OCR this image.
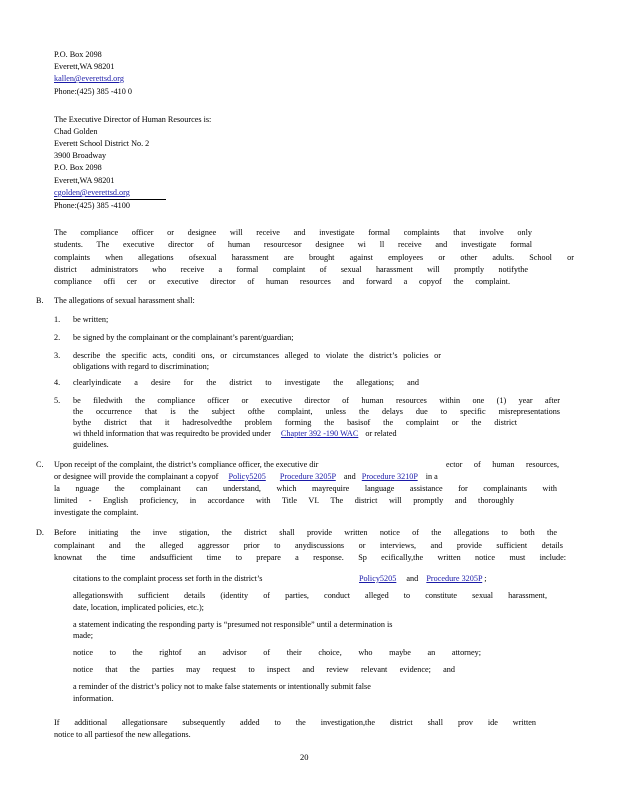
P.O. Box 2098
Everett,WA 98201
kallen@everettsd.org
Phone:(425) 385 -410 0
The Executive Director of Human Resources is:
Chad Golden
Everett School District No. 2
3900 Broadway
P.O. Box 2098
Everett,WA 98201
cgolden@everettsd.org
Phone:(425) 385 -4100
The compliance officer or designee will receive and investigate formal complaints that involve only
students. The executive director of human resourcesor designee wi ll receive and investigate formal
complaints when allegations ofsexual harassment are brought against employees or other adults. School or
district administrators who receive a formal complaint of sexual harassment will promptly notifythe
compliance offi cer or executive director of human resources and forward a copyof the complaint.
B. The allegations of sexual harassment shall:
1. be written;
2. be signed by the complainant or the complainant’s parent/guardian;
3. describe the specific acts, conditi ons, or circumstances alleged to violate the district’s policies or
obligations with regard to discrimination;
4. clearlyindicate a desire for the district to investigate the allegations; and
5. be filedwith the compliance officer or executive director of human resources within one (1) year after
the occurrence that is the subject ofthe complaint, unless the delays due to specific misrepresentations
bythe district that it hadresolvedthe problem forming the basisof the complaint or the district
wi thheld information that was requiredto be provided under Chapter 392 -190 WAC or related
guidelines.
C. Upon receipt of the complaint, the district’s compliance officer, the executive dir	ector of human resources,
or designee will provide the complainant a copyof Policy5205 Procedure 3205P and Procedure 3210P in a
la nguage the complainant can understand, which mayrequire language assistance for complainants with
limited - English proficiency, in accordance with Title VI. The district will promptly and thoroughly
investigate the complaint.
D. Before initiating the inve stigation, the district shall provide written notice of the allegations to both the
complainant and the alleged aggressor prior to anydiscussions or interviews, and provide sufficient details
knownat the time andsufficient time to prepare a response. Sp ecifically,the written notice must include:
citations to the complaint process set forth in the district’s	Policy5205 and Procedure 3205P ;
allegationswith sufficient details (identity of parties, conduct alleged to constitute sexual harassment,
date, location, implicated policies, etc.);
a statement indicating the responding party is “presumed not responsible” until a determination is
made;
notice to the rightof an advisor of their choice, who maybe an attorney;
notice that the parties may request to inspect and review relevant evidence; and
a reminder of the district’s policy not to make false statements or intentionally submit false
information.
If additional allegationsare subsequently added to the investigation,the district shall prov ide written
notice to all partiesof the new allegations.
20
